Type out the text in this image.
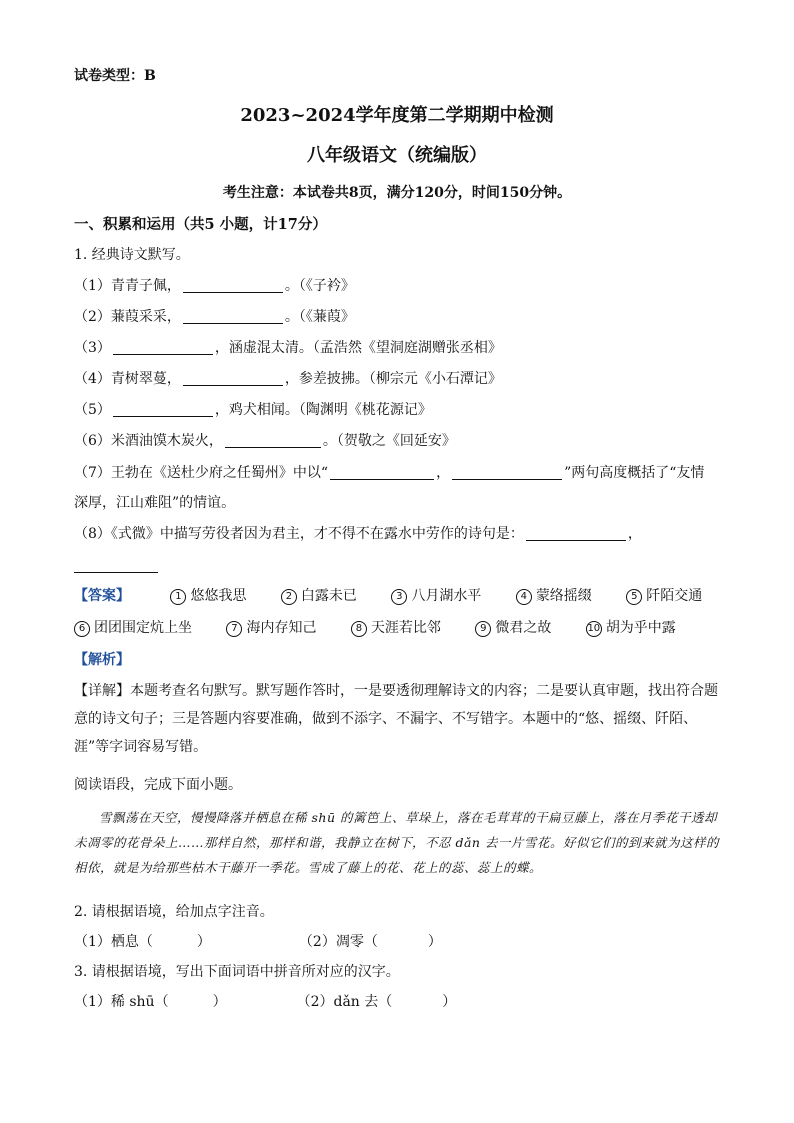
试卷类型：B
2023~2024学年度第二学期期中检测
八年级语文（统编版）
考生注意：本试卷共8页，满分120分，时间150分钟。
一、积累和运用（共5 小题，计17分）
1. 经典诗文默写。
（1）青青子佩，	。（《子衿》
（2）蒹葭采采，	。（《蒹葭》
（3）	，涵虚混太清。（孟浩然《望洞庭湖赠张丞相》
（4）青树翠蔓，	，参差披拂。（柳宗元《小石潭记》
（5）	，鸡犬相闻。（陶渊明《桃花源记》
（6）米酒油馍木炭火，	。（贺敬之《回延安》
（7）王勃在《送杜少府之任蜀州》中以“	，	”两句高度概括了“友情
深厚，江山难阻”的情谊。
（8）《式微》中描写劳役者因为君主，才不得不在露水中劳作的诗句是：	，
【答案】	1 悠悠我思	2 白露未已	3 八月湖水平	4 蒙络摇缀	5 阡陌交通
6 团团围定炕上坐	7 海内存知己	8 天涯若比邻	9 微君之故	10 胡为乎中露
【解析】
【详解】本题考查名句默写。默写题作答时，一是要透彻理解诗文的内容；二是要认真审题，找出符合题意的诗文句子；三是答题内容要准确，做到不添字、不漏字、不写错字。本题中的“悠、摇缀、阡陌、涯”等字词容易写错。
阅读语段，完成下面小题。
雪飘荡在天空，慢慢降落并栖息在稀 shū 的篱笆上、草垛上，落在毛茸茸的干扁豆藤上，落在月季花干透却未凋零的花骨朵上……那样自然，那样和谐，我静立在树下，不忍 dǎn 去一片雪花。好似它们的到来就为这样的相依，就是为给那些枯木干藤开一季花。雪成了藤上的花、花上的蕊、蕊上的蝶。
2. 请根据语境，给加点字注音。
（1）栖息（	）	（2）凋零（	）
3. 请根据语境，写出下面词语中拼音所对应的汉字。
（1）稀 shū（	）	（2）dǎn 去（	）
